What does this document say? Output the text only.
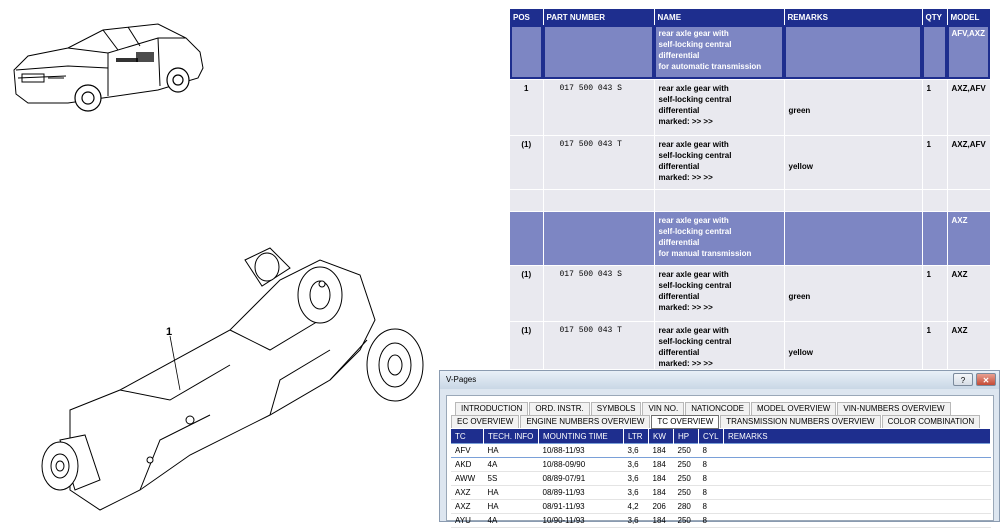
1
POS	PART NUMBER	NAME	REMARKS	QTY	MODEL
		rear axle gear with
self-locking central
differential
for automatic transmission			AFV,AXZ
1	017 500 043 S	rear axle gear with
self-locking central
differential
marked: >> >>	green	1	AXZ,AFV
(1)	017 500 043 T	rear axle gear with
self-locking central
differential
marked: >> >>	yellow	1	AXZ,AFV

		rear axle gear with
self-locking central
differential
for manual transmission			AXZ
(1)	017 500 043 S	rear axle gear with
self-locking central
differential
marked: >> >>	green	1	AXZ
(1)	017 500 043 T	rear axle gear with
self-locking central
differential
marked: >> >>	yellow	1	AXZ
V-Pages	?	✕
INTRODUCTION	ORD. INSTR.	SYMBOLS	VIN NO.	NATIONCODE	MODEL OVERVIEW	VIN-NUMBERS OVERVIEW
EC OVERVIEW	ENGINE NUMBERS OVERVIEW	TC OVERVIEW	TRANSMISSION NUMBERS OVERVIEW	COLOR COMBINATION
TC	TECH. INFO	MOUNTING TIME	LTR	KW	HP	CYL	REMARKS
AFV	HA	10/88-11/93	3,6	184	250	8	
AKD	4A	10/88-09/90	3,6	184	250	8	
AWW	5S	08/89-07/91	3,6	184	250	8	
AXZ	HA	08/89-11/93	3,6	184	250	8	
AXZ	HA	08/91-11/93	4,2	206	280	8	
AYU	4A	10/90-11/93	3,6	184	250	8	
